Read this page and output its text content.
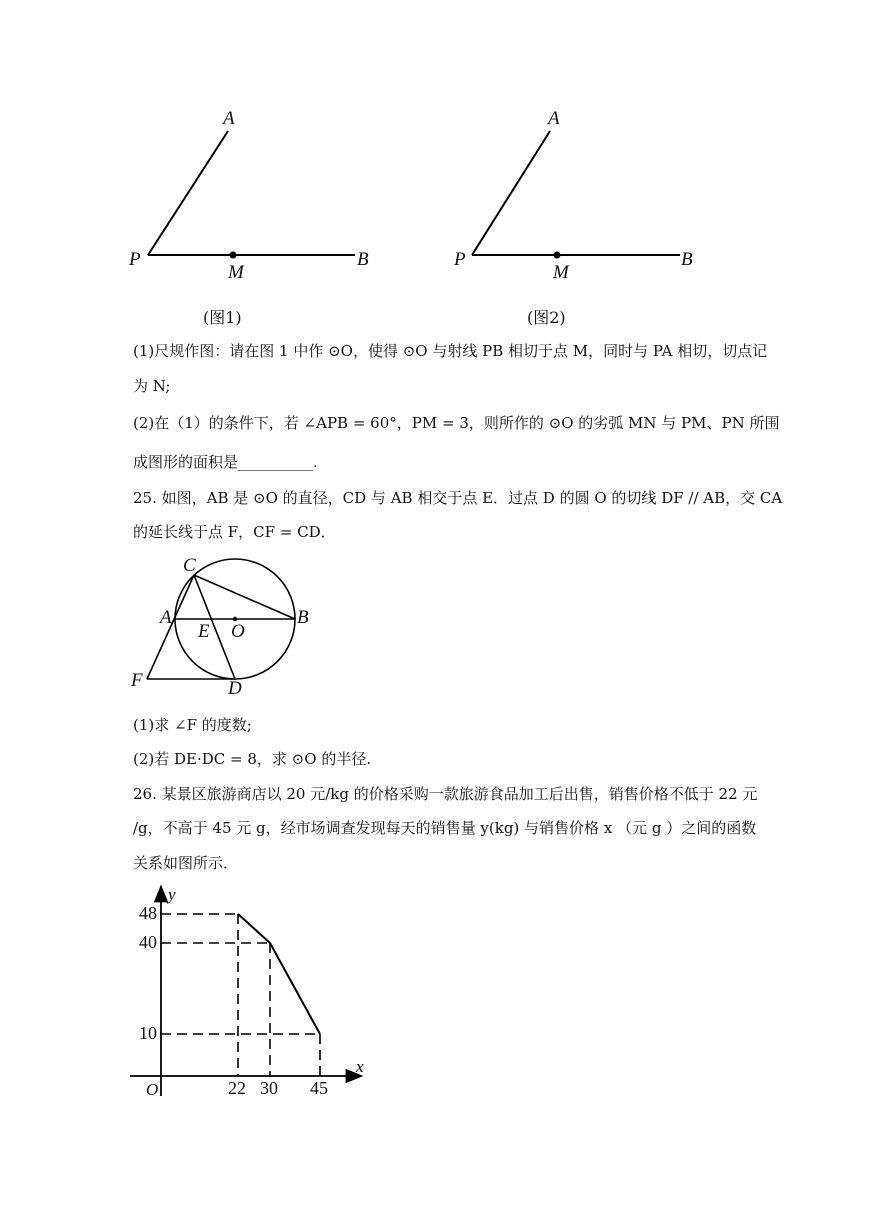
A
P
M
B
(图1)
A
P
M
B
(图2)
(1)尺规作图：请在图 1 中作 ⊙O，使得 ⊙O 与射线 PB 相切于点 M，同时与 PA 相切，切点记
为 N;
(2)在（1）的条件下，若 ∠APB = 60°，PM = 3，则所作的 ⊙O 的劣弧 MN 与 PM、PN 所围
成图形的面积是__________.
25. 如图，AB 是 ⊙O 的直径，CD 与 AB 相交于点 E．过点 D 的圆 O 的切线 DF // AB，交 CA
的延长线于点 F，CF = CD．
C
A
E O
B
F	D
(1)求 ∠F 的度数;
(2)若 DE·DC = 8，求 ⊙O 的半径.
26. 某景区旅游商店以 20 元/kg 的价格采购一款旅游食品加工后出售，销售价格不低于 22 元
/g，不高于 45 元 g，经市场调查发现每天的销售量 y(kg) 与销售价格 x （元 g ）之间的函数
关系如图所示．
y
x
O	22 30 45
48
40
10
